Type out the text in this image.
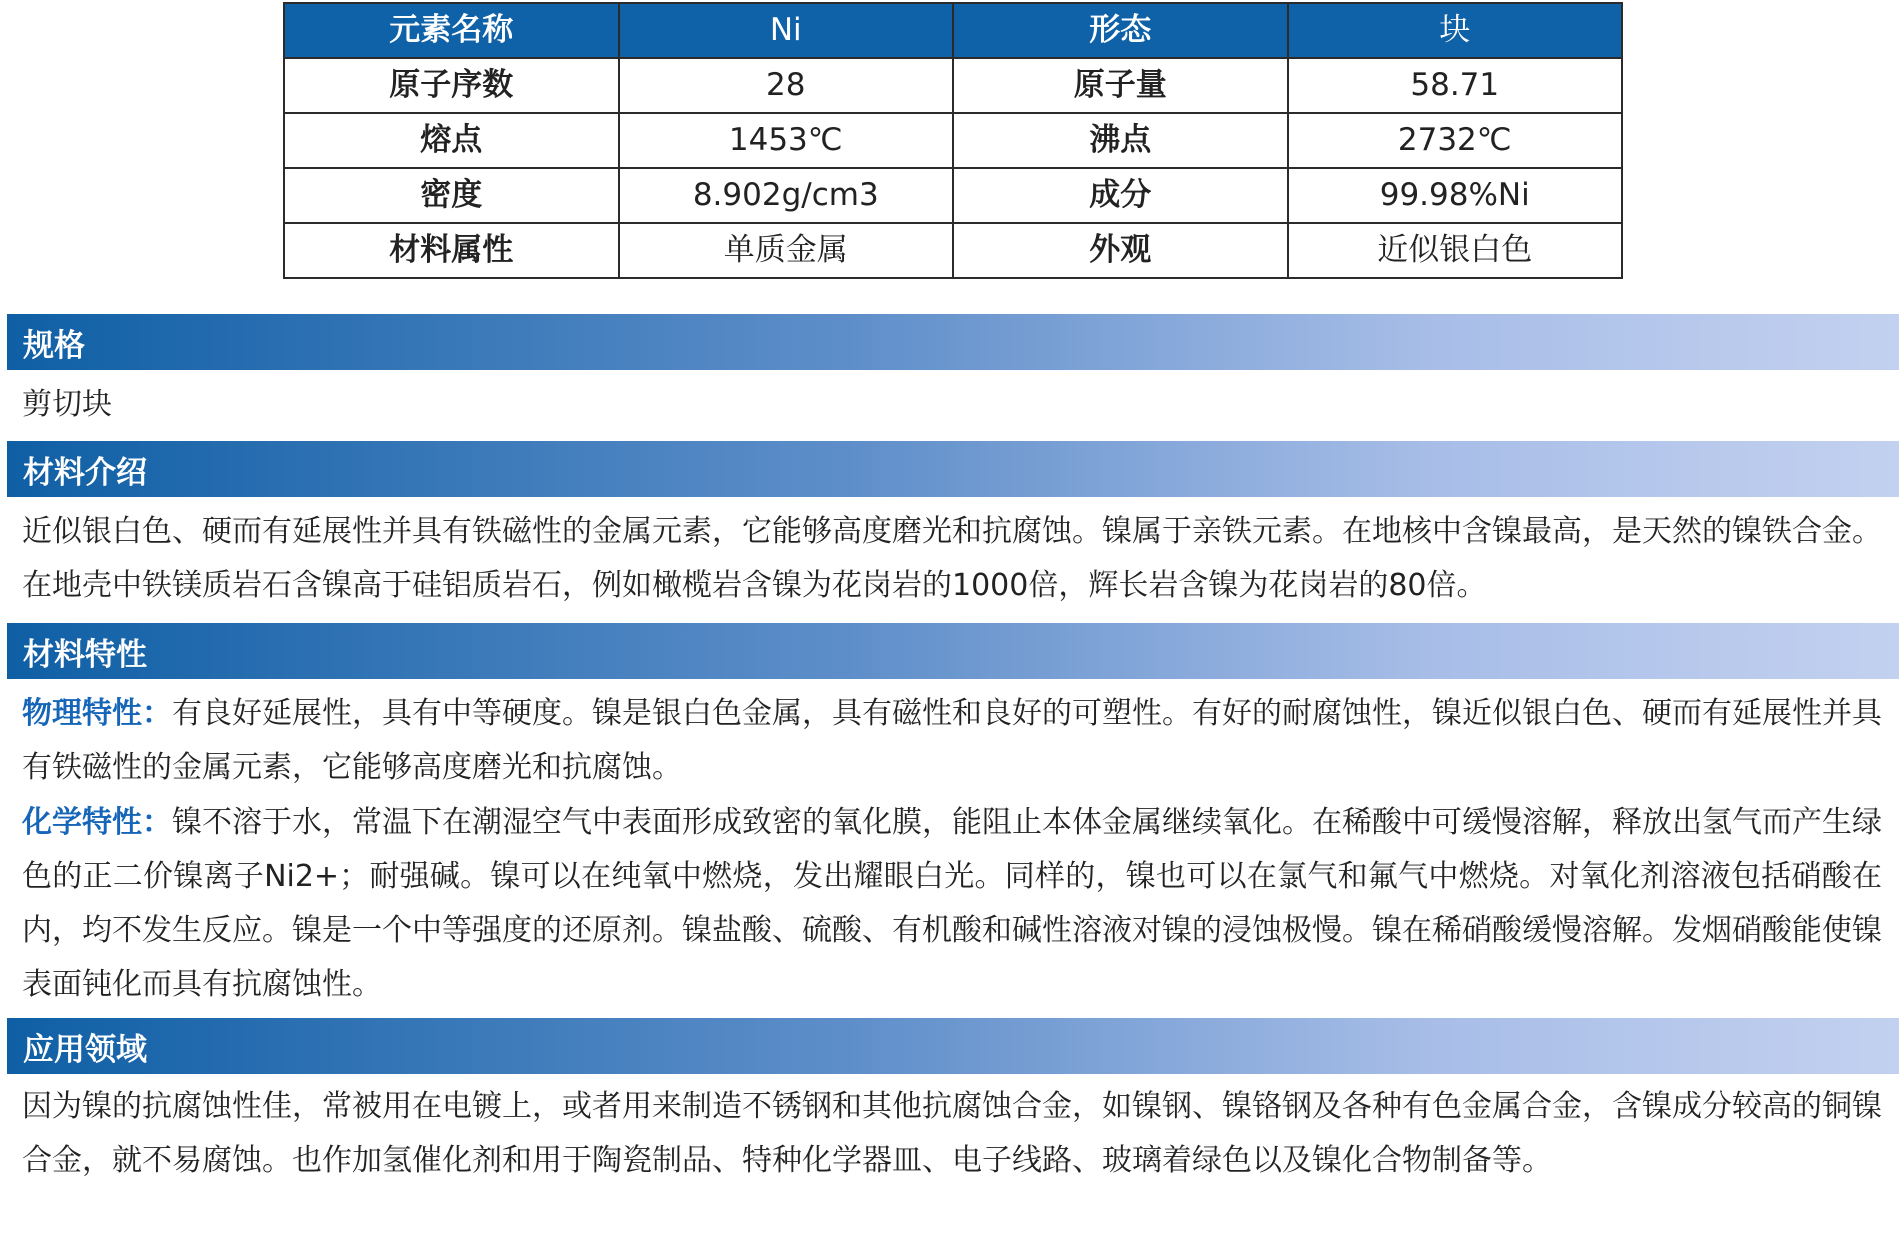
元素名称	Ni	形态	块
原子序数	28	原子量	58.71
熔点	1453℃	沸点	2732℃
密度	8.902g/cm3	成分	99.98%Ni
材料属性	单质金属	外观	近似银白色
规格

剪切块

材料介绍

近似银白色、硬而有延展性并具有铁磁性的金属元素，它能够高度磨光和抗腐蚀。镍属于亲铁元素。在地核中含镍最高，是天然的镍铁合金。在地壳中铁镁质岩石含镍高于硅铝质岩石，例如橄榄岩含镍为花岗岩的1000倍，辉长岩含镍为花岗岩的80倍。

材料特性

物理特性：有良好延展性，具有中等硬度。镍是银白色金属，具有磁性和良好的可塑性。有好的耐腐蚀性，镍近似银白色、硬而有延展性并具有铁磁性的金属元素，它能够高度磨光和抗腐蚀。

化学特性：镍不溶于水，常温下在潮湿空气中表面形成致密的氧化膜，能阻止本体金属继续氧化。在稀酸中可缓慢溶解，释放出氢气而产生绿色的正二价镍离子Ni2+；耐强碱。镍可以在纯氧中燃烧，发出耀眼白光。同样的，镍也可以在氯气和氟气中燃烧。对氧化剂溶液包括硝酸在内，均不发生反应。镍是一个中等强度的还原剂。镍盐酸、硫酸、有机酸和碱性溶液对镍的浸蚀极慢。镍在稀硝酸缓慢溶解。发烟硝酸能使镍表面钝化而具有抗腐蚀性。

应用领域

因为镍的抗腐蚀性佳，常被用在电镀上，或者用来制造不锈钢和其他抗腐蚀合金，如镍钢、镍铬钢及各种有色金属合金，含镍成分较高的铜镍合金，就不易腐蚀。也作加氢催化剂和用于陶瓷制品、特种化学器皿、电子线路、玻璃着绿色以及镍化合物制备等。
